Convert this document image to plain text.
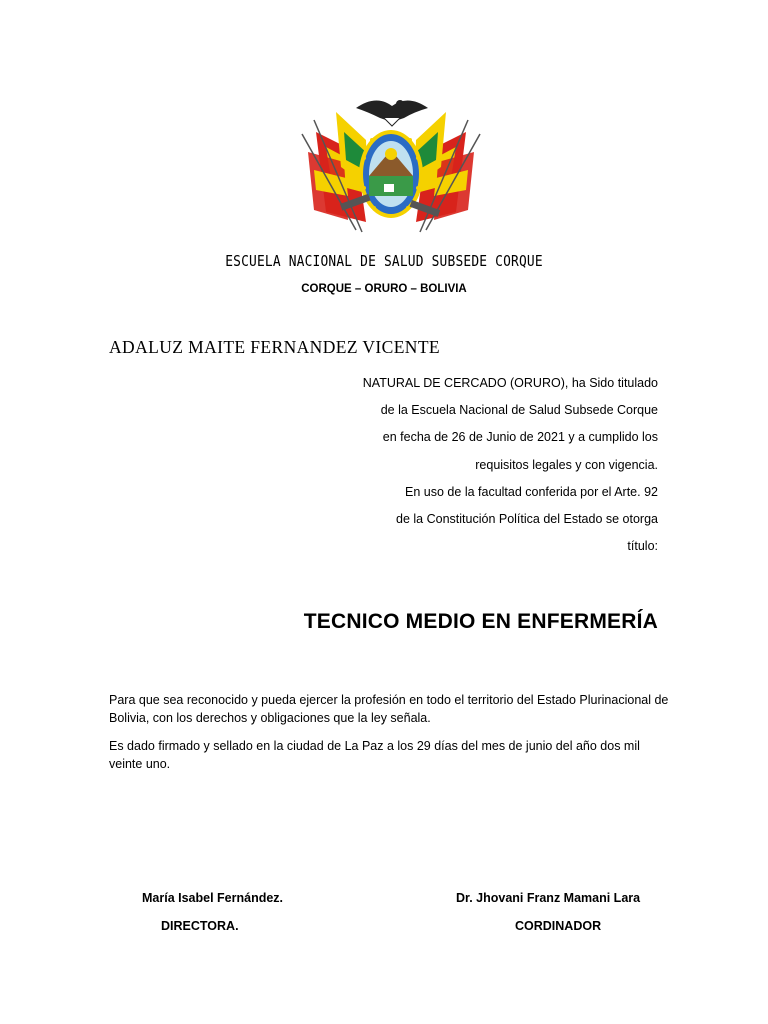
ESCUELA NACIONAL DE SALUD SUBSEDE CORQUE
CORQUE – ORURO – BOLIVIA
ADALUZ MAITE FERNANDEZ VICENTE
NATURAL DE CERCADO (ORURO), ha Sido titulado
de la Escuela Nacional de Salud Subsede Corque
en fecha de 26 de Junio de 2021 y a cumplido los
requisitos legales y con vigencia.
En uso de la facultad conferida por el Arte. 92
de la Constitución Política del Estado se otorga
título:
TECNICO MEDIO EN ENFERMERÍA
Para que sea reconocido y pueda ejercer la profesión en todo el territorio del Estado Plurinacional de Bolivia, con los derechos y obligaciones que la ley señala.
Es dado firmado y sellado en la ciudad de La Paz a los 29 días del mes de junio del año dos mil veinte uno.
María Isabel Fernández.
DIRECTORA.
Dr. Jhovani Franz Mamani Lara
CORDINADOR
